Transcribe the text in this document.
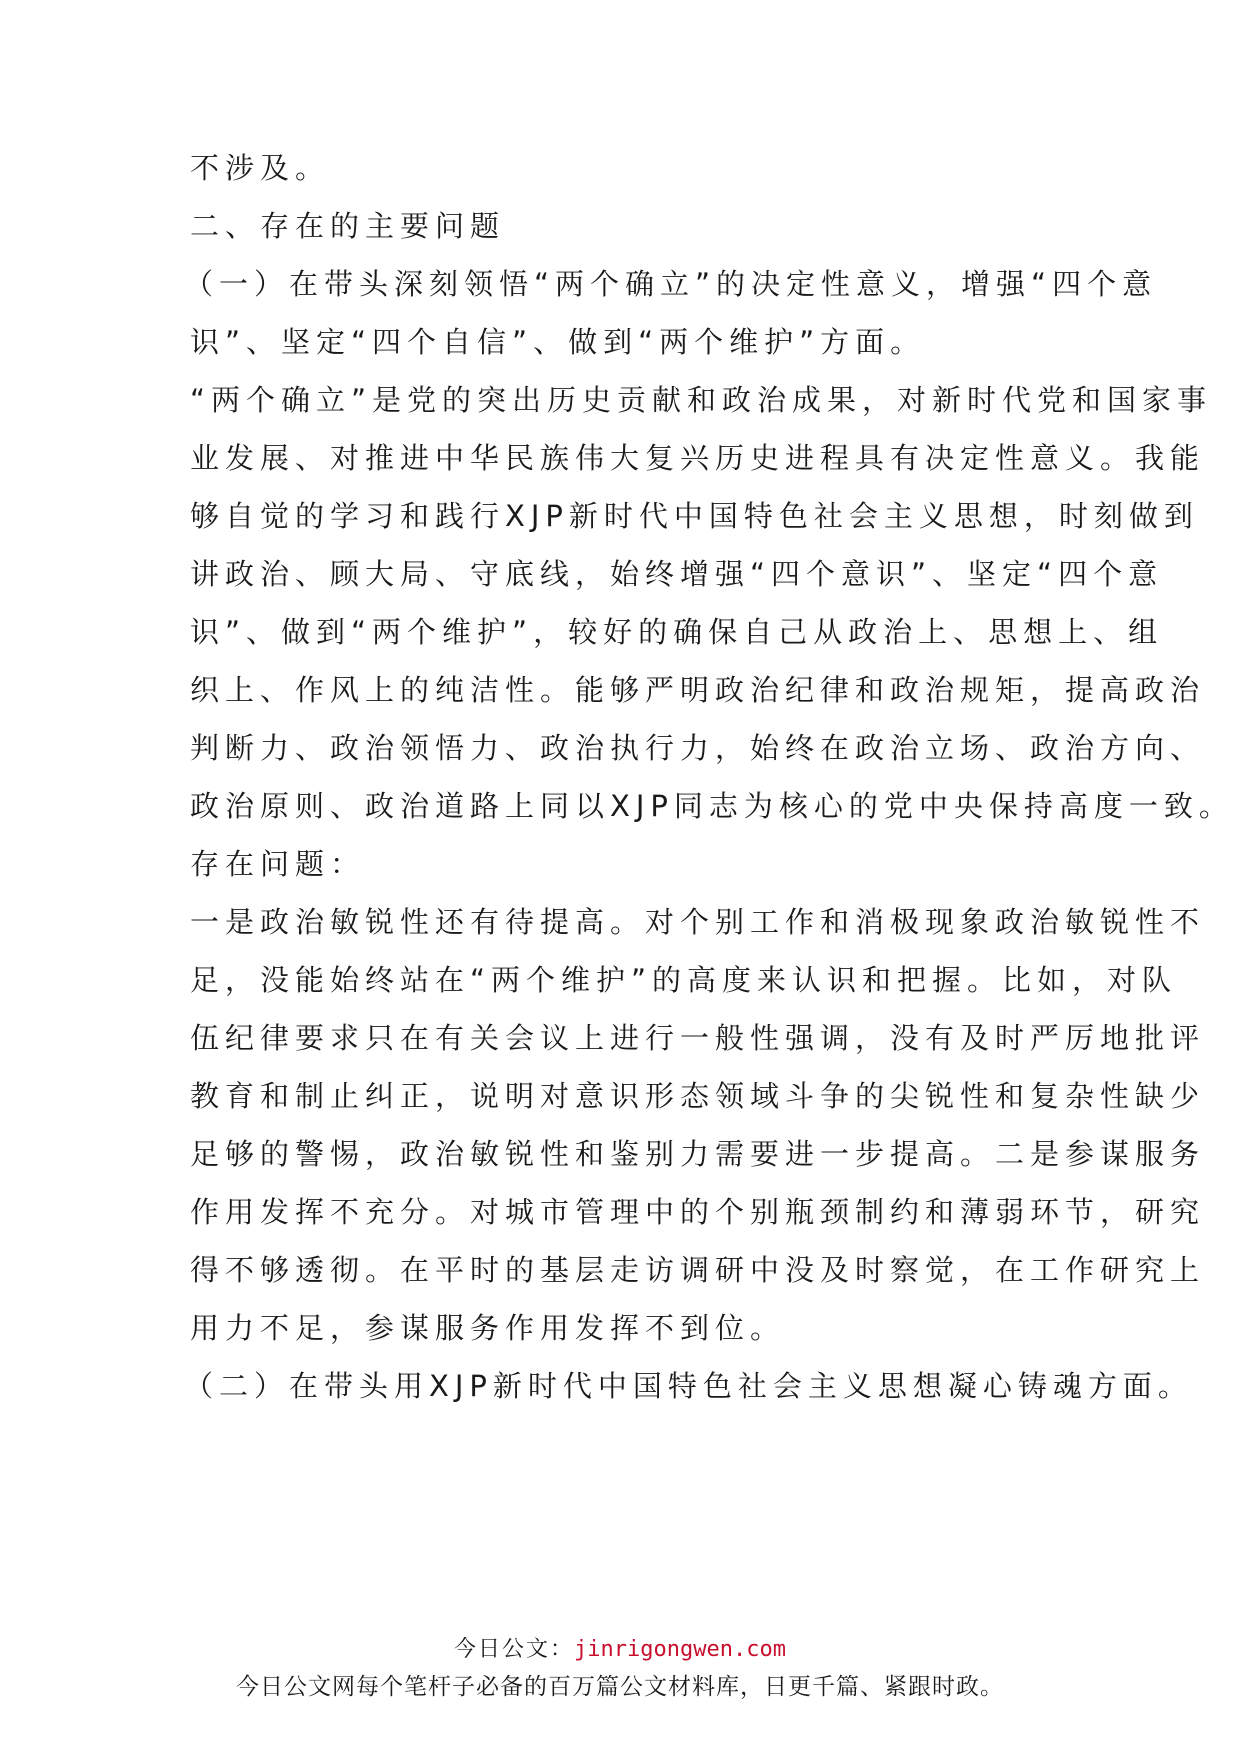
不涉及。
二、存在的主要问题
（一）在带头深刻领悟“两个确立”的决定性意义，增强“四个意
识”、坚定“四个自信”、做到“两个维护”方面。
“两个确立”是党的突出历史贡献和政治成果，对新时代党和国家事
业发展、对推进中华民族伟大复兴历史进程具有决定性意义。我能
够自觉的学习和践行XJP新时代中国特色社会主义思想，时刻做到
讲政治、顾大局、守底线，始终增强“四个意识”、坚定“四个意
识”、做到“两个维护”，较好的确保自己从政治上、思想上、组
织上、作风上的纯洁性。能够严明政治纪律和政治规矩，提高政治
判断力、政治领悟力、政治执行力，始终在政治立场、政治方向、
政治原则、政治道路上同以XJP同志为核心的党中央保持高度一致。
存在问题：
一是政治敏锐性还有待提高。对个别工作和消极现象政治敏锐性不
足，没能始终站在“两个维护”的高度来认识和把握。比如，对队
伍纪律要求只在有关会议上进行一般性强调，没有及时严厉地批评
教育和制止纠正，说明对意识形态领域斗争的尖锐性和复杂性缺少
足够的警惕，政治敏锐性和鉴别力需要进一步提高。二是参谋服务
作用发挥不充分。对城市管理中的个别瓶颈制约和薄弱环节，研究
得不够透彻。在平时的基层走访调研中没及时察觉，在工作研究上
用力不足，参谋服务作用发挥不到位。
（二）在带头用XJP新时代中国特色社会主义思想凝心铸魂方面。
今日公文：jinrigongwen.com
今日公文网每个笔杆子必备的百万篇公文材料库，日更千篇、紧跟时政。
